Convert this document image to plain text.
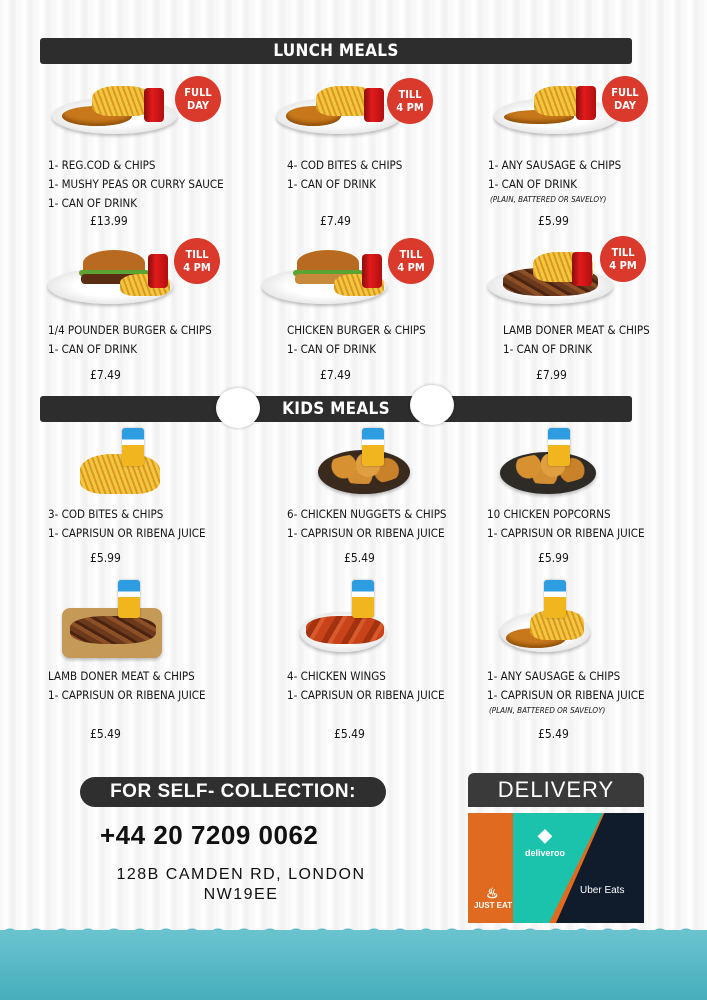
LUNCH MEALS
FULL
DAY
1- REG.COD & CHIPS
1- MUSHY PEAS OR CURRY SAUCE
1- CAN OF DRINK
£13.99
TILL
4 PM
4- COD BITES & CHIPS
1- CAN OF DRINK
£7.49
FULL
DAY
1- ANY SAUSAGE & CHIPS
1- CAN OF DRINK
(PLAIN, BATTERED OR SAVELOY)
£5.99
TILL
4 PM
1/4 POUNDER BURGER & CHIPS
1- CAN OF DRINK
£7.49
TILL
4 PM
CHICKEN BURGER & CHIPS
1- CAN OF DRINK
£7.49
TILL
4 PM
LAMB DONER MEAT & CHIPS
1- CAN OF DRINK
£7.99
KIDS MEALS
3- COD BITES & CHIPS
1- CAPRISUN OR RIBENA JUICE
£5.99
6- CHICKEN NUGGETS & CHIPS
1- CAPRISUN OR RIBENA JUICE
£5.49
10 CHICKEN POPCORNS
1- CAPRISUN OR RIBENA JUICE
£5.99
LAMB DONER MEAT & CHIPS
1- CAPRISUN OR RIBENA JUICE
£5.49
4- CHICKEN WINGS
1- CAPRISUN OR RIBENA JUICE
£5.49
1- ANY SAUSAGE & CHIPS
1- CAPRISUN OR RIBENA JUICE
(PLAIN, BATTERED OR SAVELOY)
£5.49
FOR SELF- COLLECTION:
+44 20 7209 0062
128B CAMDEN RD, LONDON
NW19EE
DELIVERY
◆
♨
JUST EAT
deliveroo
Uber Eats
